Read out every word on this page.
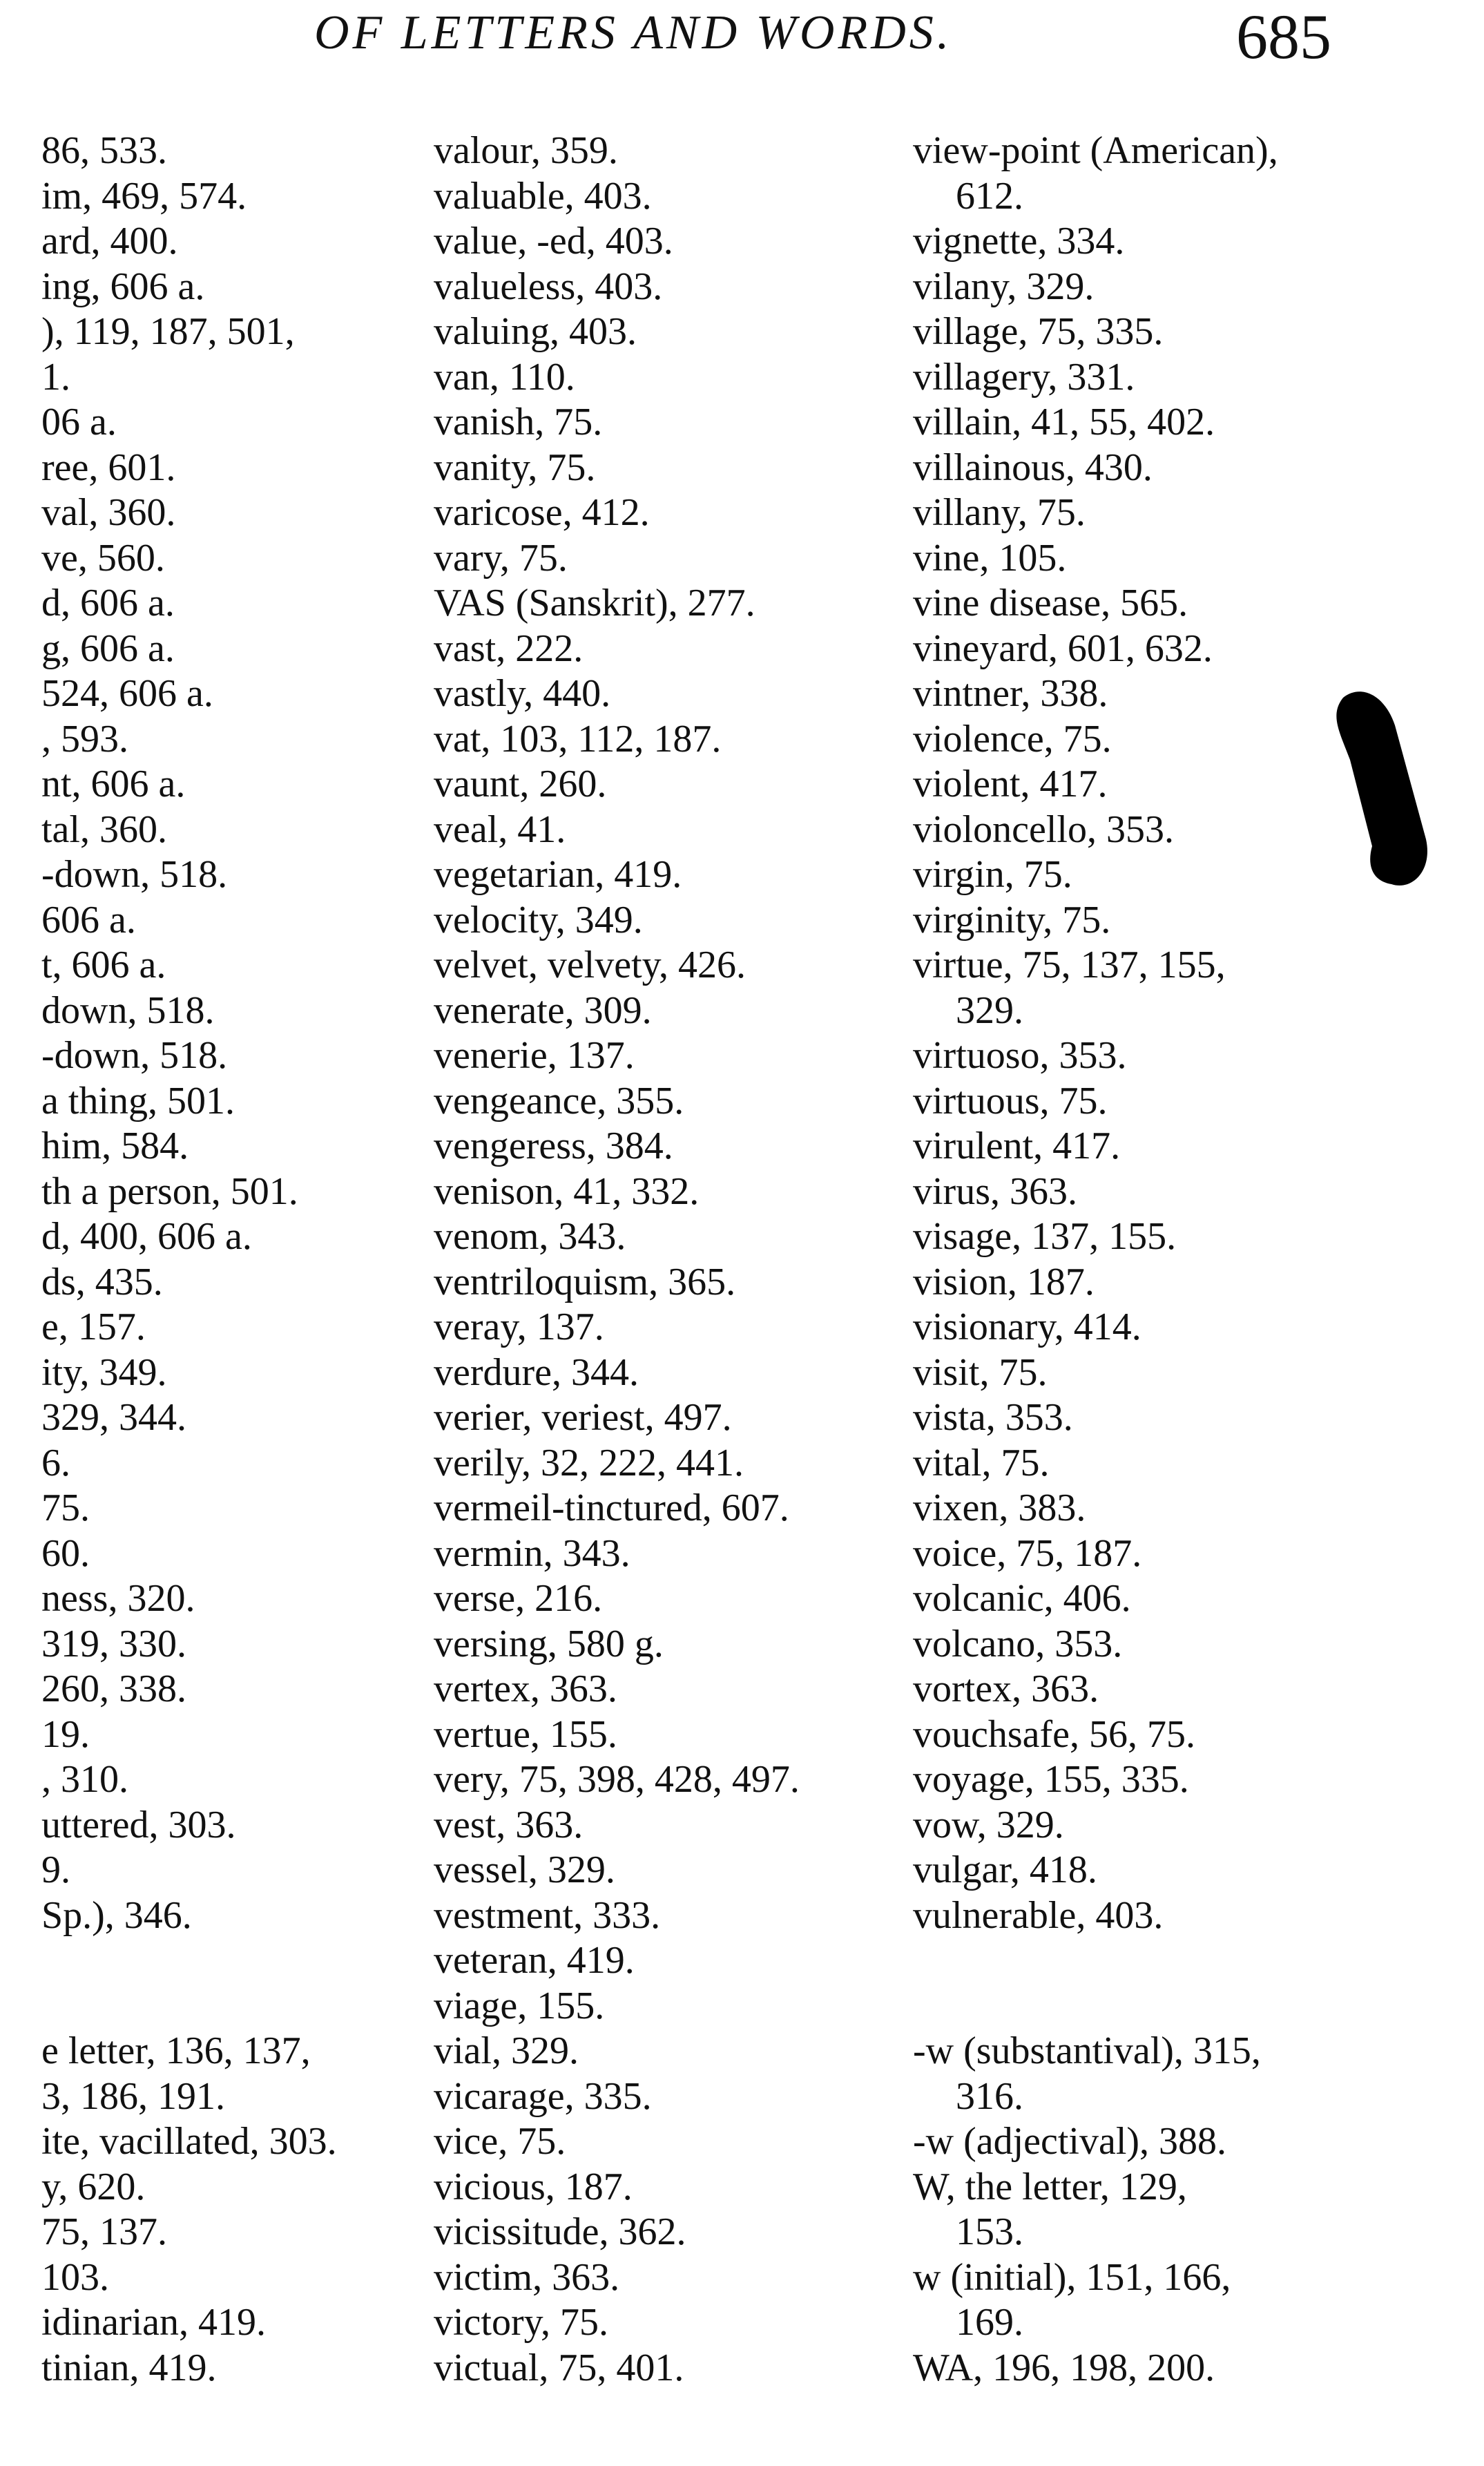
OF LETTERS AND WORDS.	685
86, 533.
im, 469, 574.
ard, 400.
ing, 606 a.
), 119, 187, 501,
1.
06 a.
ree, 601.
val, 360.
ve, 560.
d, 606 a.
g, 606 a.
524, 606 a.
, 593.
nt, 606 a.
tal, 360.
-down, 518.
606 a.
t, 606 a.
down, 518.
-down, 518.
a thing, 501.
him, 584.
th a person, 501.
d, 400, 606 a.
ds, 435.
e, 157.
ity, 349.
329, 344.
6.
75.
60.
ness, 320.
319, 330.
260, 338.
19.
, 310.
uttered, 303.
9.
Sp.), 346.
e letter, 136, 137,
3, 186, 191.
ite, vacillated, 303.
y, 620.
75, 137.
103.
idinarian, 419.
tinian, 419.
valour, 359.
valuable, 403.
value, -ed, 403.
valueless, 403.
valuing, 403.
van, 110.
vanish, 75.
vanity, 75.
varicose, 412.
vary, 75.
VAS (Sanskrit), 277.
vast, 222.
vastly, 440.
vat, 103, 112, 187.
vaunt, 260.
veal, 41.
vegetarian, 419.
velocity, 349.
velvet, velvety, 426.
venerate, 309.
venerie, 137.
vengeance, 355.
vengeress, 384.
venison, 41, 332.
venom, 343.
ventriloquism, 365.
veray, 137.
verdure, 344.
verier, veriest, 497.
verily, 32, 222, 441.
vermeil-tinctured, 607.
vermin, 343.
verse, 216.
versing, 580 g.
vertex, 363.
vertue, 155.
very, 75, 398, 428, 497.
vest, 363.
vessel, 329.
vestment, 333.
veteran, 419.
viage, 155.
vial, 329.
vicarage, 335.
vice, 75.
vicious, 187.
vicissitude, 362.
victim, 363.
victory, 75.
victual, 75, 401.
view-point (American),
612.
vignette, 334.
vilany, 329.
village, 75, 335.
villagery, 331.
villain, 41, 55, 402.
villainous, 430.
villany, 75.
vine, 105.
vine disease, 565.
vineyard, 601, 632.
vintner, 338.
violence, 75.
violent, 417.
violoncello, 353.
virgin, 75.
virginity, 75.
virtue, 75, 137, 155,
329.
virtuoso, 353.
virtuous, 75.
virulent, 417.
virus, 363.
visage, 137, 155.
vision, 187.
visionary, 414.
visit, 75.
vista, 353.
vital, 75.
vixen, 383.
voice, 75, 187.
volcanic, 406.
volcano, 353.
vortex, 363.
vouchsafe, 56, 75.
voyage, 155, 335.
vow, 329.
vulgar, 418.
vulnerable, 403.
-w (substantival), 315,
316.
-w (adjectival), 388.
W, the letter, 129,
153.
w (initial), 151, 166,
169.
WA, 196, 198, 200.
